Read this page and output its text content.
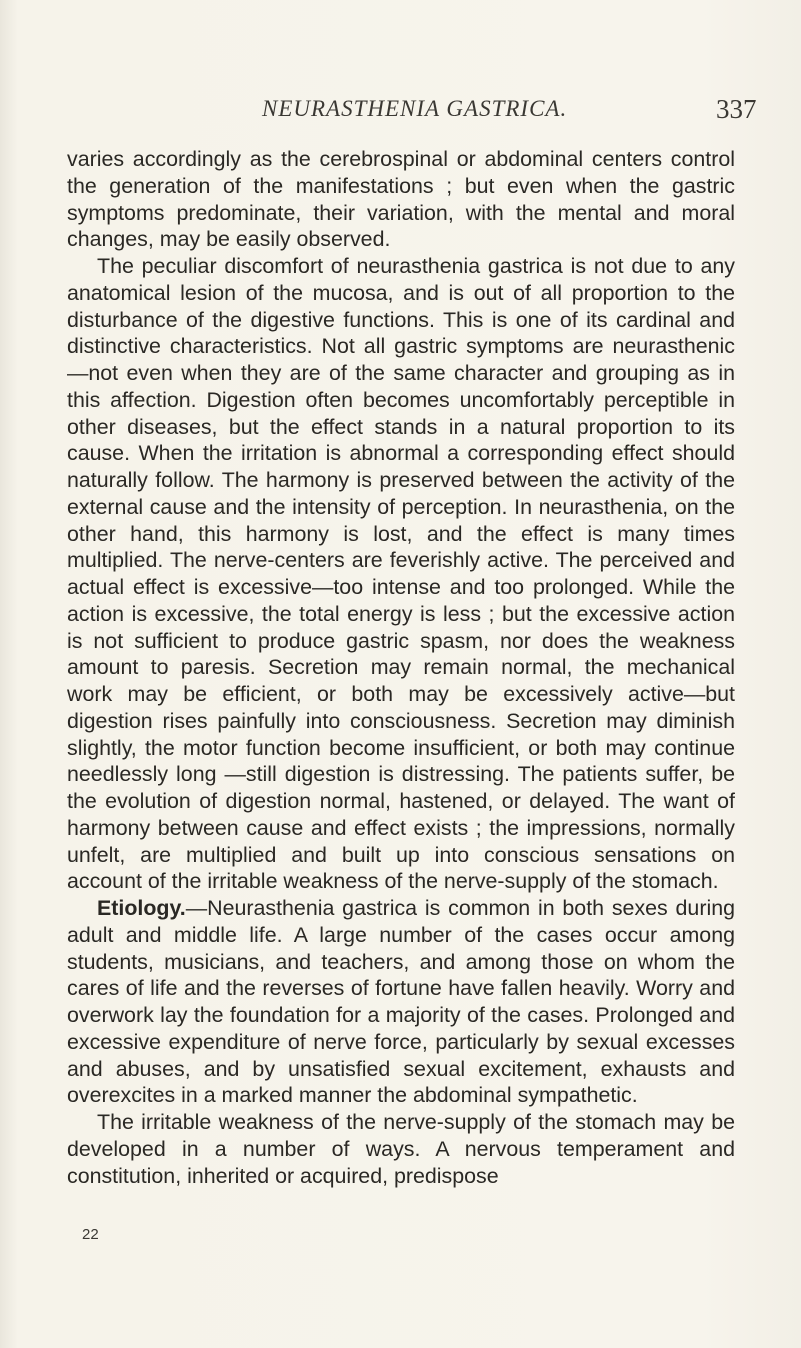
NEURASTHENIA GASTRICA.	337

varies accordingly as the cerebrospinal or abdominal centers control the generation of the manifestations ; but even when the gastric symptoms predominate, their variation, with the mental and moral changes, may be easily observed.

The peculiar discomfort of neurasthenia gastrica is not due to any anatomical lesion of the mucosa, and is out of all proportion to the disturbance of the digestive functions. This is one of its cardinal and distinctive characteristics. Not all gastric symptoms are neurasthenic—not even when they are of the same character and grouping as in this affection. Digestion often becomes uncomfortably perceptible in other diseases, but the effect stands in a natural proportion to its cause. When the irritation is abnormal a corresponding effect should naturally follow. The harmony is preserved between the activity of the external cause and the intensity of perception. In neurasthenia, on the other hand, this harmony is lost, and the effect is many times multiplied. The nerve-centers are feverishly active. The perceived and actual effect is excessive—too intense and too prolonged. While the action is excessive, the total energy is less ; but the excessive action is not sufficient to produce gastric spasm, nor does the weakness amount to paresis. Secretion may remain normal, the mechanical work may be efficient, or both may be excessively active—but digestion rises painfully into consciousness. Secretion may diminish slightly, the motor function become insufficient, or both may continue needlessly long —still digestion is distressing. The patients suffer, be the evolution of digestion normal, hastened, or delayed. The want of harmony between cause and effect exists ; the impressions, normally unfelt, are multiplied and built up into conscious sensations on account of the irritable weakness of the nerve-supply of the stomach.

Etiology.—Neurasthenia gastrica is common in both sexes during adult and middle life. A large number of the cases occur among students, musicians, and teachers, and among those on whom the cares of life and the reverses of fortune have fallen heavily. Worry and overwork lay the foundation for a majority of the cases. Prolonged and excessive expenditure of nerve force, particularly by sexual excesses and abuses, and by unsatisfied sexual excitement, exhausts and overexcites in a marked manner the abdominal sympathetic.

The irritable weakness of the nerve-supply of the stomach may be developed in a number of ways. A nervous temperament and constitution, inherited or acquired, predispose

22
